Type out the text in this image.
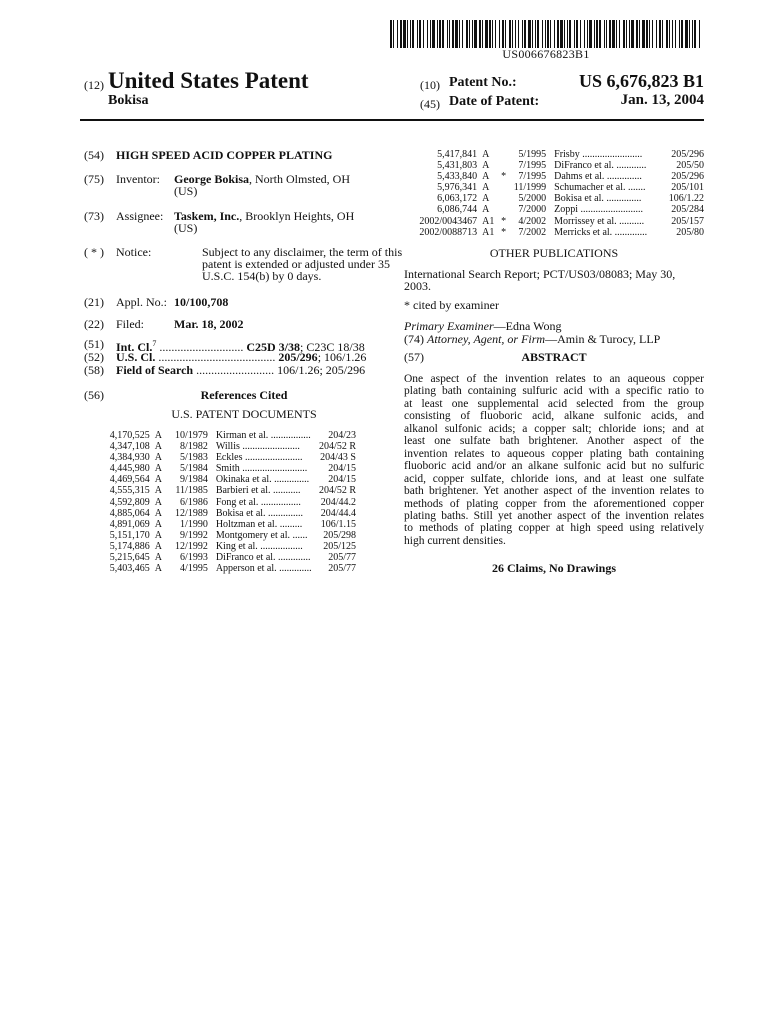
US006676823B1
(12) United States Patent
Bokisa
(10) Patent No.:	US 6,676,823 B1
(45) Date of Patent:	Jan. 13, 2004
(54) HIGH SPEED ACID COPPER PLATING
(75) Inventor: George Bokisa, North Olmsted, OH
(US)
(73) Assignee: Taskem, Inc., Brooklyn Heights, OH
(US)
( * ) Notice:	Subject to any disclaimer, the term of this
patent is extended or adjusted under 35
U.S.C. 154(b) by 0 days.
(21) Appl. No.: 10/100,708
(22) Filed: Mar. 18, 2002
(51) Int. Cl.$^7$ ............................ C25D 3/38; C23C 18/38
(52) U.S. Cl. ....................................... 205/296; 106/1.26
(58) Field of Search .......................... 106/1.26; 205/296
(56)	References Cited
U.S. PATENT DOCUMENTS
4,170,525	A		10/1979	Kirman et al. ................	204/23
4,347,108	A		8/1982	Willis .......................	204/52 R
4,384,930	A		5/1983	Eckles .......................	204/43 S
4,445,980	A		5/1984	Smith ..........................	204/15
4,469,564	A		9/1984	Okinaka et al. ..............	204/15
4,555,315	A		11/1985	Barbieri et al. ...........	204/52 R
4,592,809	A		6/1986	Fong et al. ................	204/44.2
4,885,064	A		12/1989	Bokisa et al. ..............	204/44.4
4,891,069	A		1/1990	Holtzman et al. .........	106/1.15
5,151,170	A		9/1992	Montgomery et al. ......	205/298
5,174,886	A		12/1992	King et al. .................	205/125
5,215,645	A		6/1993	DiFranco et al. .............	205/77
5,403,465	A		4/1995	Apperson et al. .............	205/77
5,417,841	A		5/1995	Frisby ........................	205/296
5,431,803	A		7/1995	DiFranco et al. ............	205/50
5,433,840	A	*	7/1995	Dahms et al. ..............	205/296
5,976,341	A		11/1999	Schumacher et al. .......	205/101
6,063,172	A		5/2000	Bokisa et al. ..............	106/1.22
6,086,744	A		7/2000	Zoppi .........................	205/284
2002/0043467	A1	*	4/2002	Morrissey et al. ..........	205/157
2002/0088713	A1	*	7/2002	Merricks et al. .............	205/80
OTHER PUBLICATIONS
International Search Report; PCT/US03/08083; May 30,
2003.
* cited by examiner
Primary Examiner—Edna Wong
(74) Attorney, Agent, or Firm—Amin & Turocy, LLP
(57)	ABSTRACT
One aspect of the invention relates to an aqueous copper
plating bath containing sulfuric acid with a specific ratio to
at least one supplemental acid selected from the group
consisting of fluoboric acid, alkane sulfonic acids, and
alkanol sulfonic acids; a copper salt; chloride ions; and at
least one sulfate bath brightener. Another aspect of the
invention relates to aqueous copper plating bath containing
fluoboric acid and/or an alkane sulfonic acid but no sulfuric
acid, copper sulfate, chloride ions, and at least one sulfate
bath brightener. Yet another aspect of the invention relates to
methods of plating copper from the aforementioned copper
plating baths. Still yet another aspect of the invention relates
to methods of plating copper at high speed using relatively
high current densities.
26 Claims, No Drawings
